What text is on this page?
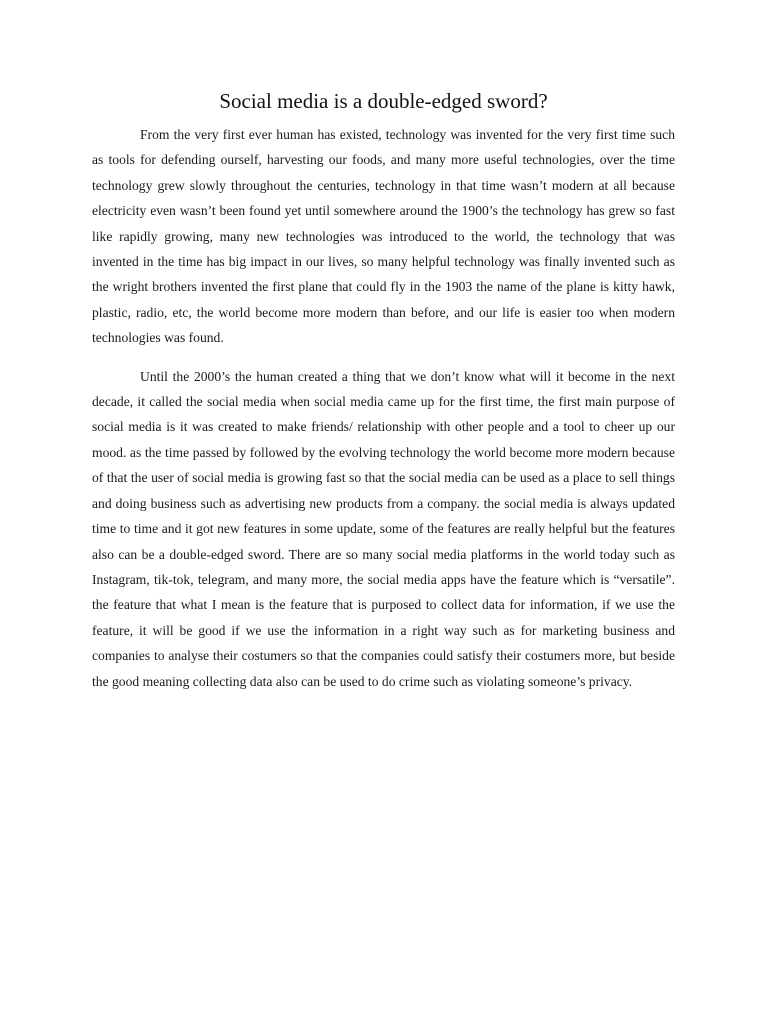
Social media is a double-edged sword?

From the very first ever human has existed, technology was invented for the very first time such as tools for defending ourself, harvesting our foods, and many more useful technologies, over the time technology grew slowly throughout the centuries, technology in that time wasn’t modern at all because electricity even wasn’t been found yet until somewhere around the 1900’s the technology has grew so fast like rapidly growing, many new technologies was introduced to the world, the technology that was invented in the time has big impact in our lives, so many helpful technology was finally invented such as the wright brothers invented the first plane that could fly in the 1903 the name of the plane is kitty hawk, plastic, radio, etc, the world become more modern than before, and our life is easier too when modern technologies was found.

Until the 2000’s the human created a thing that we don’t know what will it become in the next decade, it called the social media when social media came up for the first time, the first main purpose of social media is it was created to make friends/ relationship with other people and a tool to cheer up our mood. as the time passed by followed by the evolving technology the world become more modern because of that the user of social media is growing fast so that the social media can be used as a place to sell things and doing business such as advertising new products from a company. the social media is always updated time to time and it got new features in some update, some of the features are really helpful but the features also can be a double-edged sword. There are so many social media platforms in the world today such as Instagram, tik-tok, telegram, and many more, the social media apps have the feature which is “versatile”. the feature that what I mean is the feature that is purposed to collect data for information, if we use the feature, it will be good if we use the information in a right way such as for marketing business and companies to analyse their costumers so that the companies could satisfy their costumers more, but beside the good meaning collecting data also can be used to do crime such as violating someone’s privacy.
